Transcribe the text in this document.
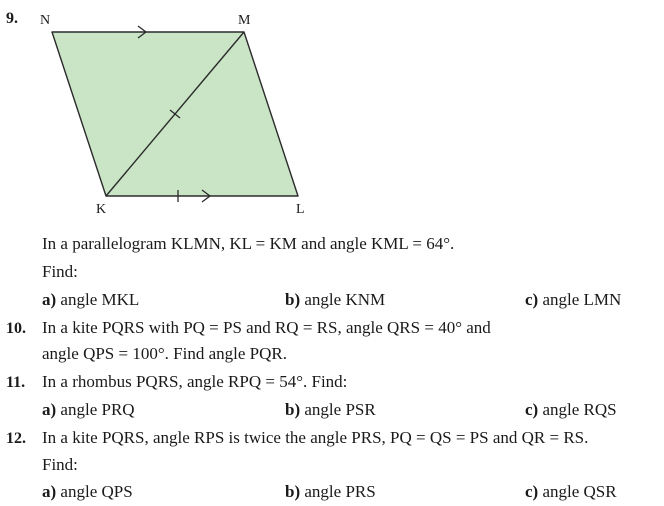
N	M
K	L
9.
In a parallelogram KLMN, KL = KM and angle KML = 64°.
Find:
a) angle MKL	b) angle KNM	c) angle LMN
10. In a kite PQRS with PQ = PS and RQ = RS, angle QRS = 40° and
angle QPS = 100°. Find angle PQR.
11. In a rhombus PQRS, angle RPQ = 54°. Find:
a) angle PRQ	b) angle PSR	c) angle RQS
12. In a kite PQRS, angle RPS is twice the angle PRS, PQ = QS = PS and QR = RS.
Find:
a) angle QPS	b) angle PRS	c) angle QSR
